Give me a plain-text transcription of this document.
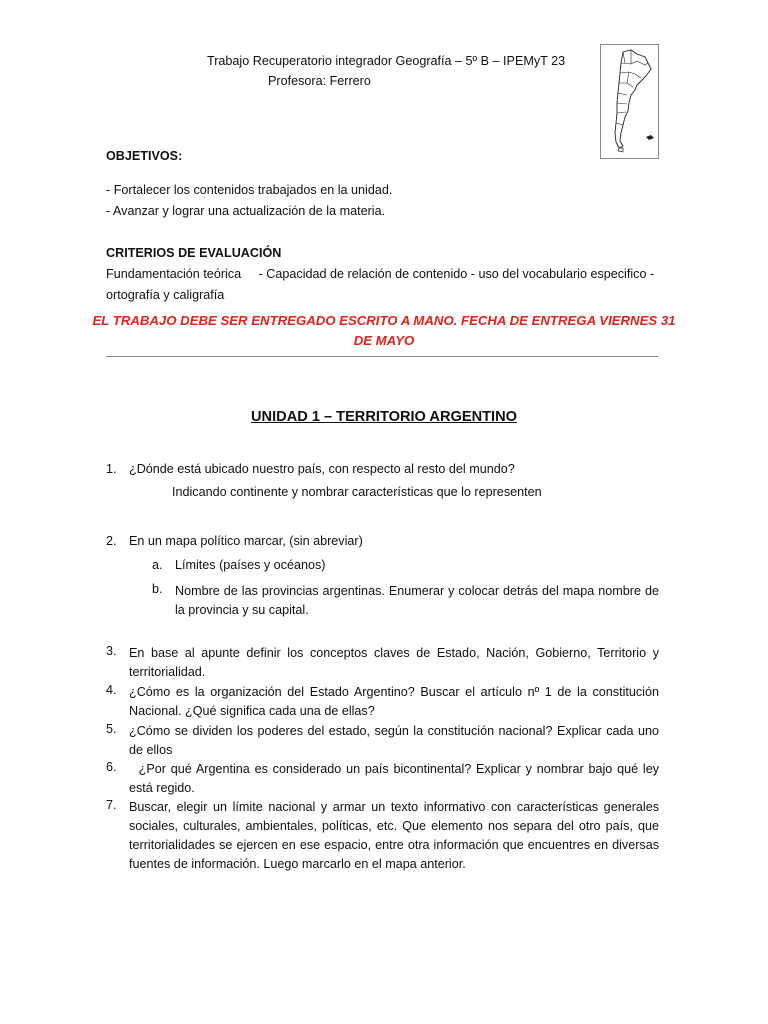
Trabajo Recuperatorio integrador Geografía – 5º B – IPEMyT 23
Profesora: Ferrero
OBJETIVOS:
- Fortalecer los contenidos trabajados en la unidad.
- Avanzar y lograr una actualización de la materia.
CRITERIOS DE EVALUACIÓN
Fundamentación teórica     - Capacidad de relación de contenido - uso del vocabulario especifico -
ortografía y caligrafía
EL TRABAJO DEBE SER ENTREGADO ESCRITO A MANO. FECHA DE ENTREGA VIERNES 31
DE MAYO
UNIDAD 1 – TERRITORIO ARGENTINO
1. ¿Dónde está ubicado nuestro país, con respecto al resto del mundo?
Indicando continente y nombrar características que lo representen
2. En un mapa político marcar, (sin abreviar)
a. Límites (países y océanos)
b. Nombre de las provincias argentinas. Enumerar y colocar detrás del mapa nombre de la provincia y su capital.
3. En base al apunte definir los conceptos claves de Estado, Nación, Gobierno, Territorio y territorialidad.
4. ¿Cómo es la organización del Estado Argentino? Buscar el artículo nº 1 de la constitución Nacional. ¿Qué significa cada una de ellas?
5. ¿Cómo se dividen los poderes del estado, según la constitución nacional? Explicar cada uno de ellos
6. ¿Por qué Argentina es considerado un país bicontinental? Explicar y nombrar bajo qué ley está regido.
7. Buscar, elegir un límite nacional y armar un texto informativo con características generales sociales, culturales, ambientales, políticas, etc. Que elemento nos separa del otro país, que territorialidades se ejercen en ese espacio, entre otra información que encuentres en diversas fuentes de información. Luego marcarlo en el mapa anterior.
